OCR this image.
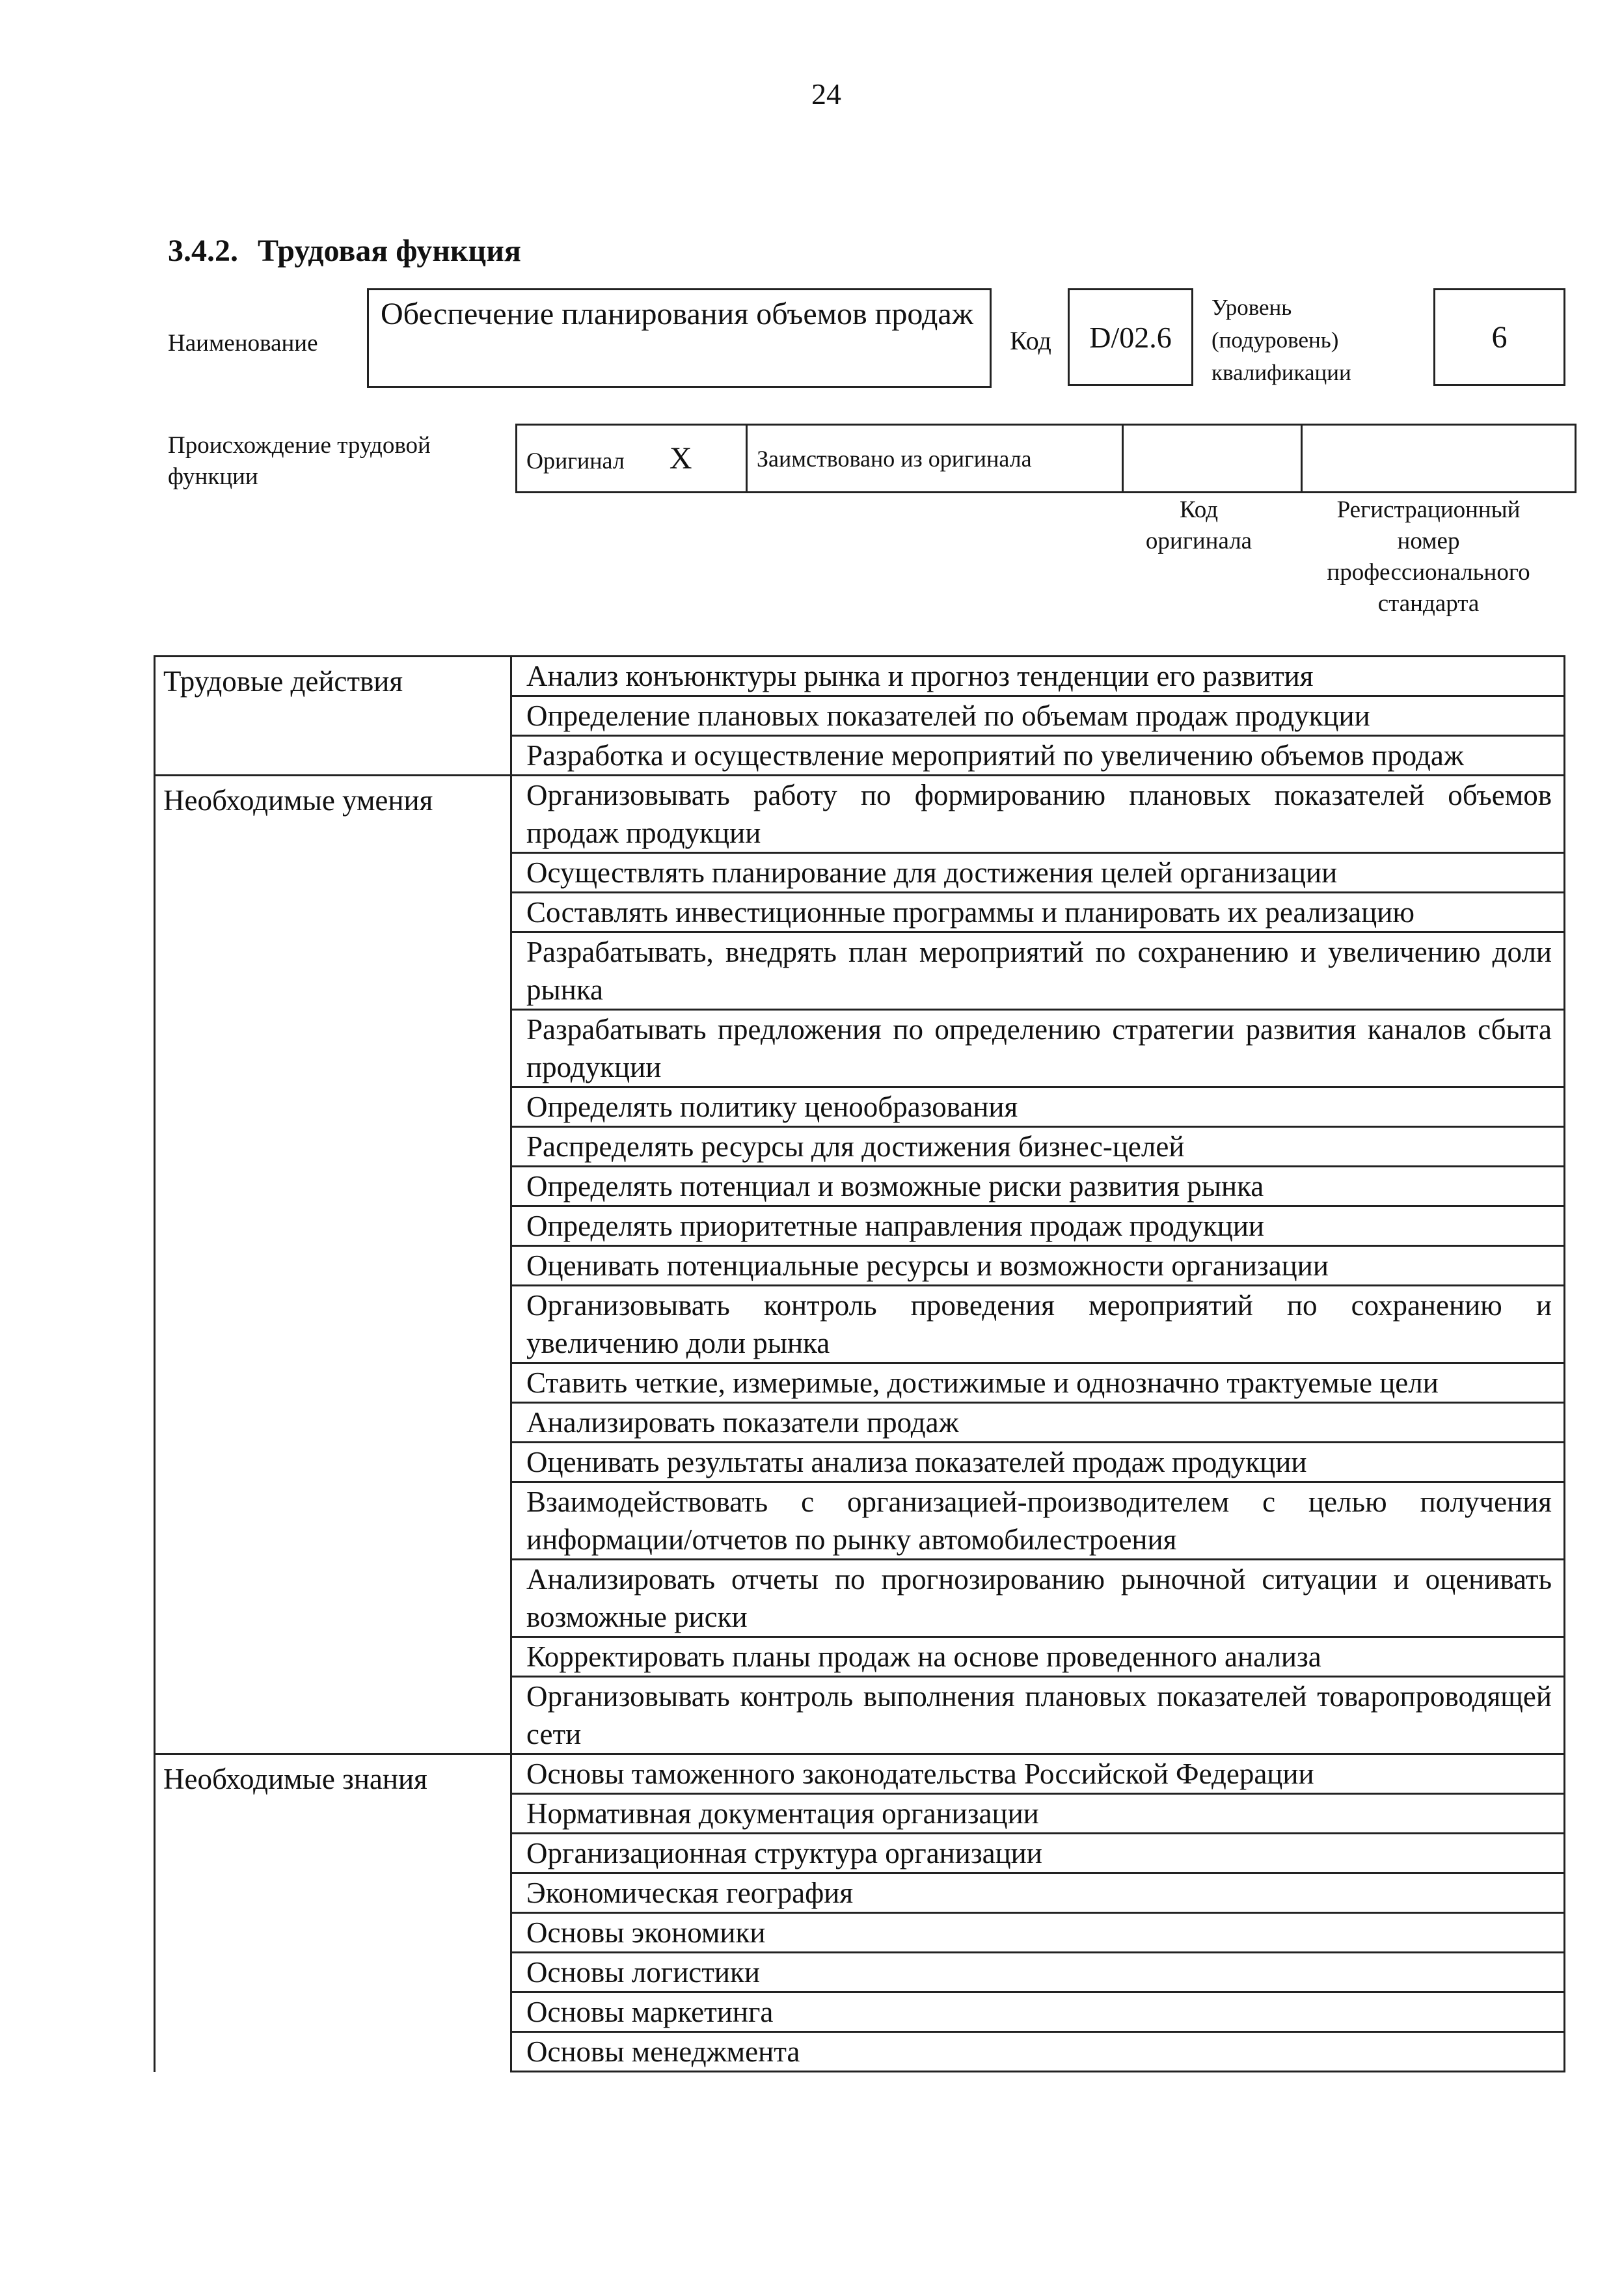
24
3.4.2. Трудовая функция
Наименование
Обеспечение планирования объемов продаж
Код	D/02.6
Уровень
(подуровень)
квалификации
6
Происхождение трудовой
функции
Оригинал X	Заимствовано из оригинала		
Код
оригинала
Регистрационный
номер
профессионального
стандарта
Трудовые действия	Анализ конъюнктуры рынка и прогноз тенденции его развития
	Определение плановых показателей по объемам продаж продукции
	Разработка и осуществление мероприятий по увеличению объемов продаж
Необходимые умения	Организовывать работу по формированию плановых показателей объемов продаж продукции
	Осуществлять планирование для достижения целей организации
	Составлять инвестиционные программы и планировать их реализацию
	Разрабатывать, внедрять план мероприятий по сохранению и увеличению доли рынка
	Разрабатывать предложения по определению стратегии развития каналов сбыта продукции
	Определять политику ценообразования
	Распределять ресурсы для достижения бизнес-целей
	Определять потенциал и возможные риски развития рынка
	Определять приоритетные направления продаж продукции
	Оценивать потенциальные ресурсы и возможности организации
	Организовывать контроль проведения мероприятий по сохранению и увеличению доли рынка
	Ставить четкие, измеримые, достижимые и однозначно трактуемые цели
	Анализировать показатели продаж
	Оценивать результаты анализа показателей продаж продукции
	Взаимодействовать с организацией-производителем с целью получения информации/отчетов по рынку автомобилестроения
	Анализировать отчеты по прогнозированию рыночной ситуации и оценивать возможные риски
	Корректировать планы продаж на основе проведенного анализа
	Организовывать контроль выполнения плановых показателей товаропроводящей сети
Необходимые знания	Основы таможенного законодательства Российской Федерации
	Нормативная документация организации
	Организационная структура организации
	Экономическая география
	Основы экономики
	Основы логистики
	Основы маркетинга
	Основы менеджмента
